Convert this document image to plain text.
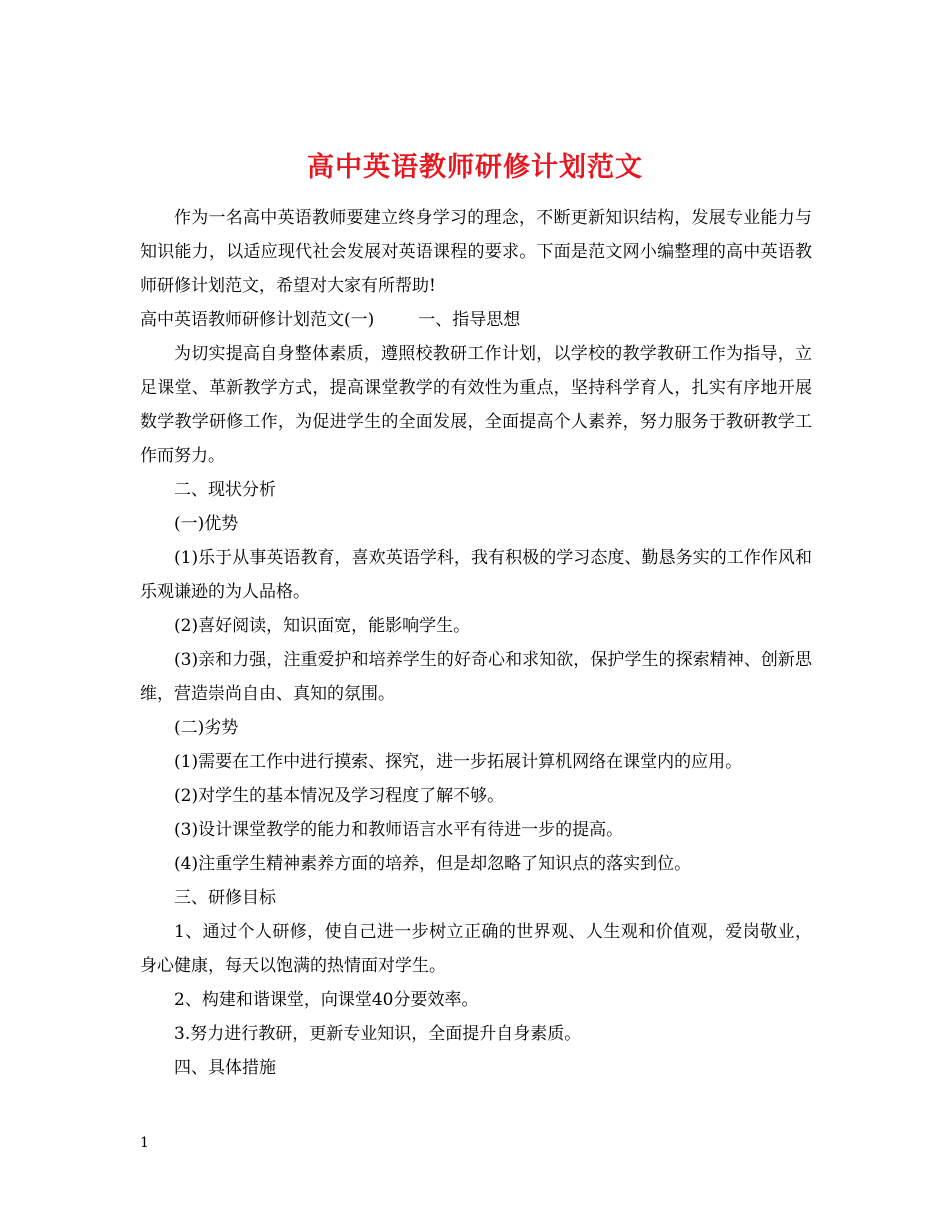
高中英语教师研修计划范文

作为一名高中英语教师要建立终身学习的理念，不断更新知识结构，发展专业能力与知识能力，以适应现代社会发展对英语课程的要求。下面是范文网小编整理的高中英语教师研修计划范文，希望对大家有所帮助!

高中英语教师研修计划范文(一)	一、指导思想

为切实提高自身整体素质，遵照校教研工作计划，以学校的教学教研工作为指导，立足课堂、革新教学方式，提高课堂教学的有效性为重点，坚持科学育人，扎实有序地开展数学教学研修工作，为促进学生的全面发展，全面提高个人素养，努力服务于教研教学工作而努力。

二、现状分析

(一)优势

(1)乐于从事英语教育，喜欢英语学科，我有积极的学习态度、勤恳务实的工作作风和乐观谦逊的为人品格。

(2)喜好阅读，知识面宽，能影响学生。

(3)亲和力强，注重爱护和培养学生的好奇心和求知欲，保护学生的探索精神、创新思维，营造崇尚自由、真知的氛围。

(二)劣势

(1)需要在工作中进行摸索、探究，进一步拓展计算机网络在课堂内的应用。

(2)对学生的基本情况及学习程度了解不够。

(3)设计课堂教学的能力和教师语言水平有待进一步的提高。

(4)注重学生精神素养方面的培养，但是却忽略了知识点的落实到位。

三、研修目标

1、通过个人研修，使自己进一步树立正确的世界观、人生观和价值观，爱岗敬业，身心健康，每天以饱满的热情面对学生。

2、构建和谐课堂，向课堂40分要效率。

3.努力进行教研，更新专业知识，全面提升自身素质。

四、具体措施

1
